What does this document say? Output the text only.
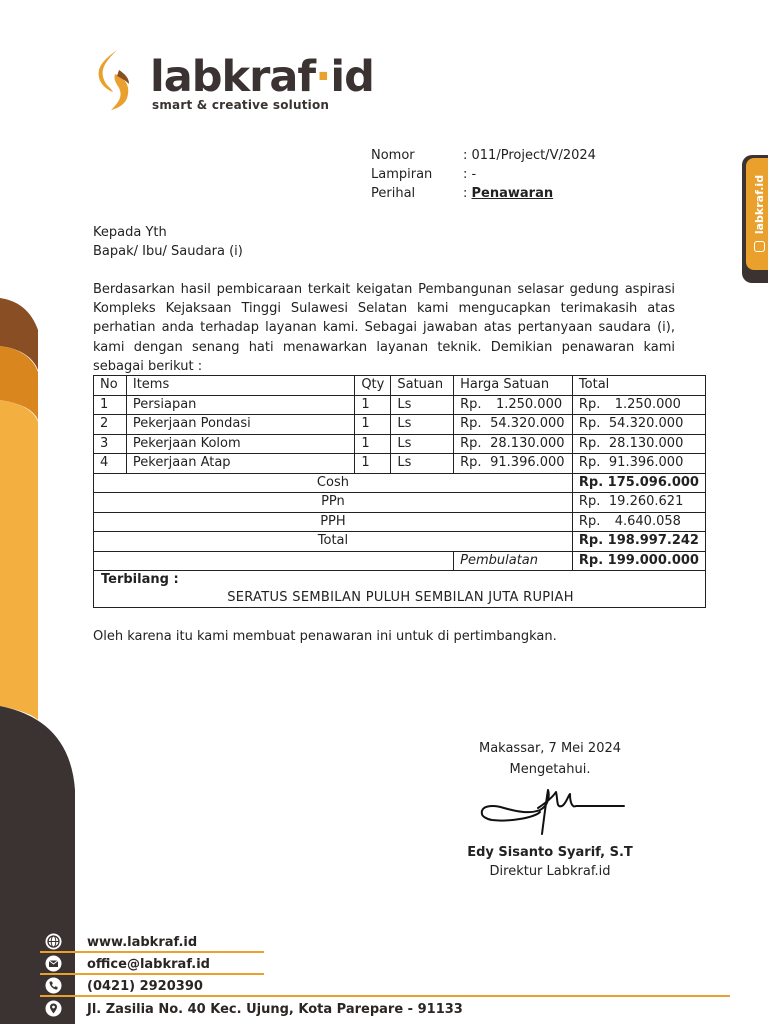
labkraf·id
smart & creative solution
labkraf.id
Nomor	: 011/Project/V/2024
Lampiran : -
Perihal	: Penawaran
Kepada Yth
Bapak/ Ibu/ Saudara (i)
Berdasarkan hasil pembicaraan terkait keigatan Pembangunan selasar gedung aspirasi Kompleks Kejaksaan Tinggi Sulawesi Selatan kami mengucapkan terimakasih atas perhatian anda terhadap layanan kami. Sebagai jawaban atas pertanyaan saudara (i), kami dengan senang hati menawarkan layanan teknik. Demikian penawaran kami sebagai berikut :
No	Items	Qty	Satuan	Harga Satuan	Total
1	Persiapan	1	Ls	Rp. 1.250.000	Rp. 1.250.000
2	Pekerjaan Pondasi	1	Ls	Rp. 54.320.000	Rp. 54.320.000
3	Pekerjaan Kolom	1	Ls	Rp. 28.130.000	Rp. 28.130.000
4	Pekerjaan Atap	1	Ls	Rp. 91.396.000	Rp. 91.396.000
Cosh					Rp. 175.096.000
PPn					Rp. 19.260.621
PPH					Rp. 4.640.058
Total					Rp. 198.997.242
				Pembulatan	Rp. 199.000.000
Terbilang :
SERATUS SEMBILAN PULUH SEMBILAN JUTA RUPIAH
Oleh karena itu kami membuat penawaran ini untuk di pertimbangkan.
Makassar, 7 Mei 2024
Mengetahui.
Edy Sisanto Syarif, S.T
Direktur Labkraf.id
www.labkraf.id
office@labkraf.id
(0421) 2920390
Jl. Zasilia No. 40 Kec. Ujung, Kota Parepare - 91133
